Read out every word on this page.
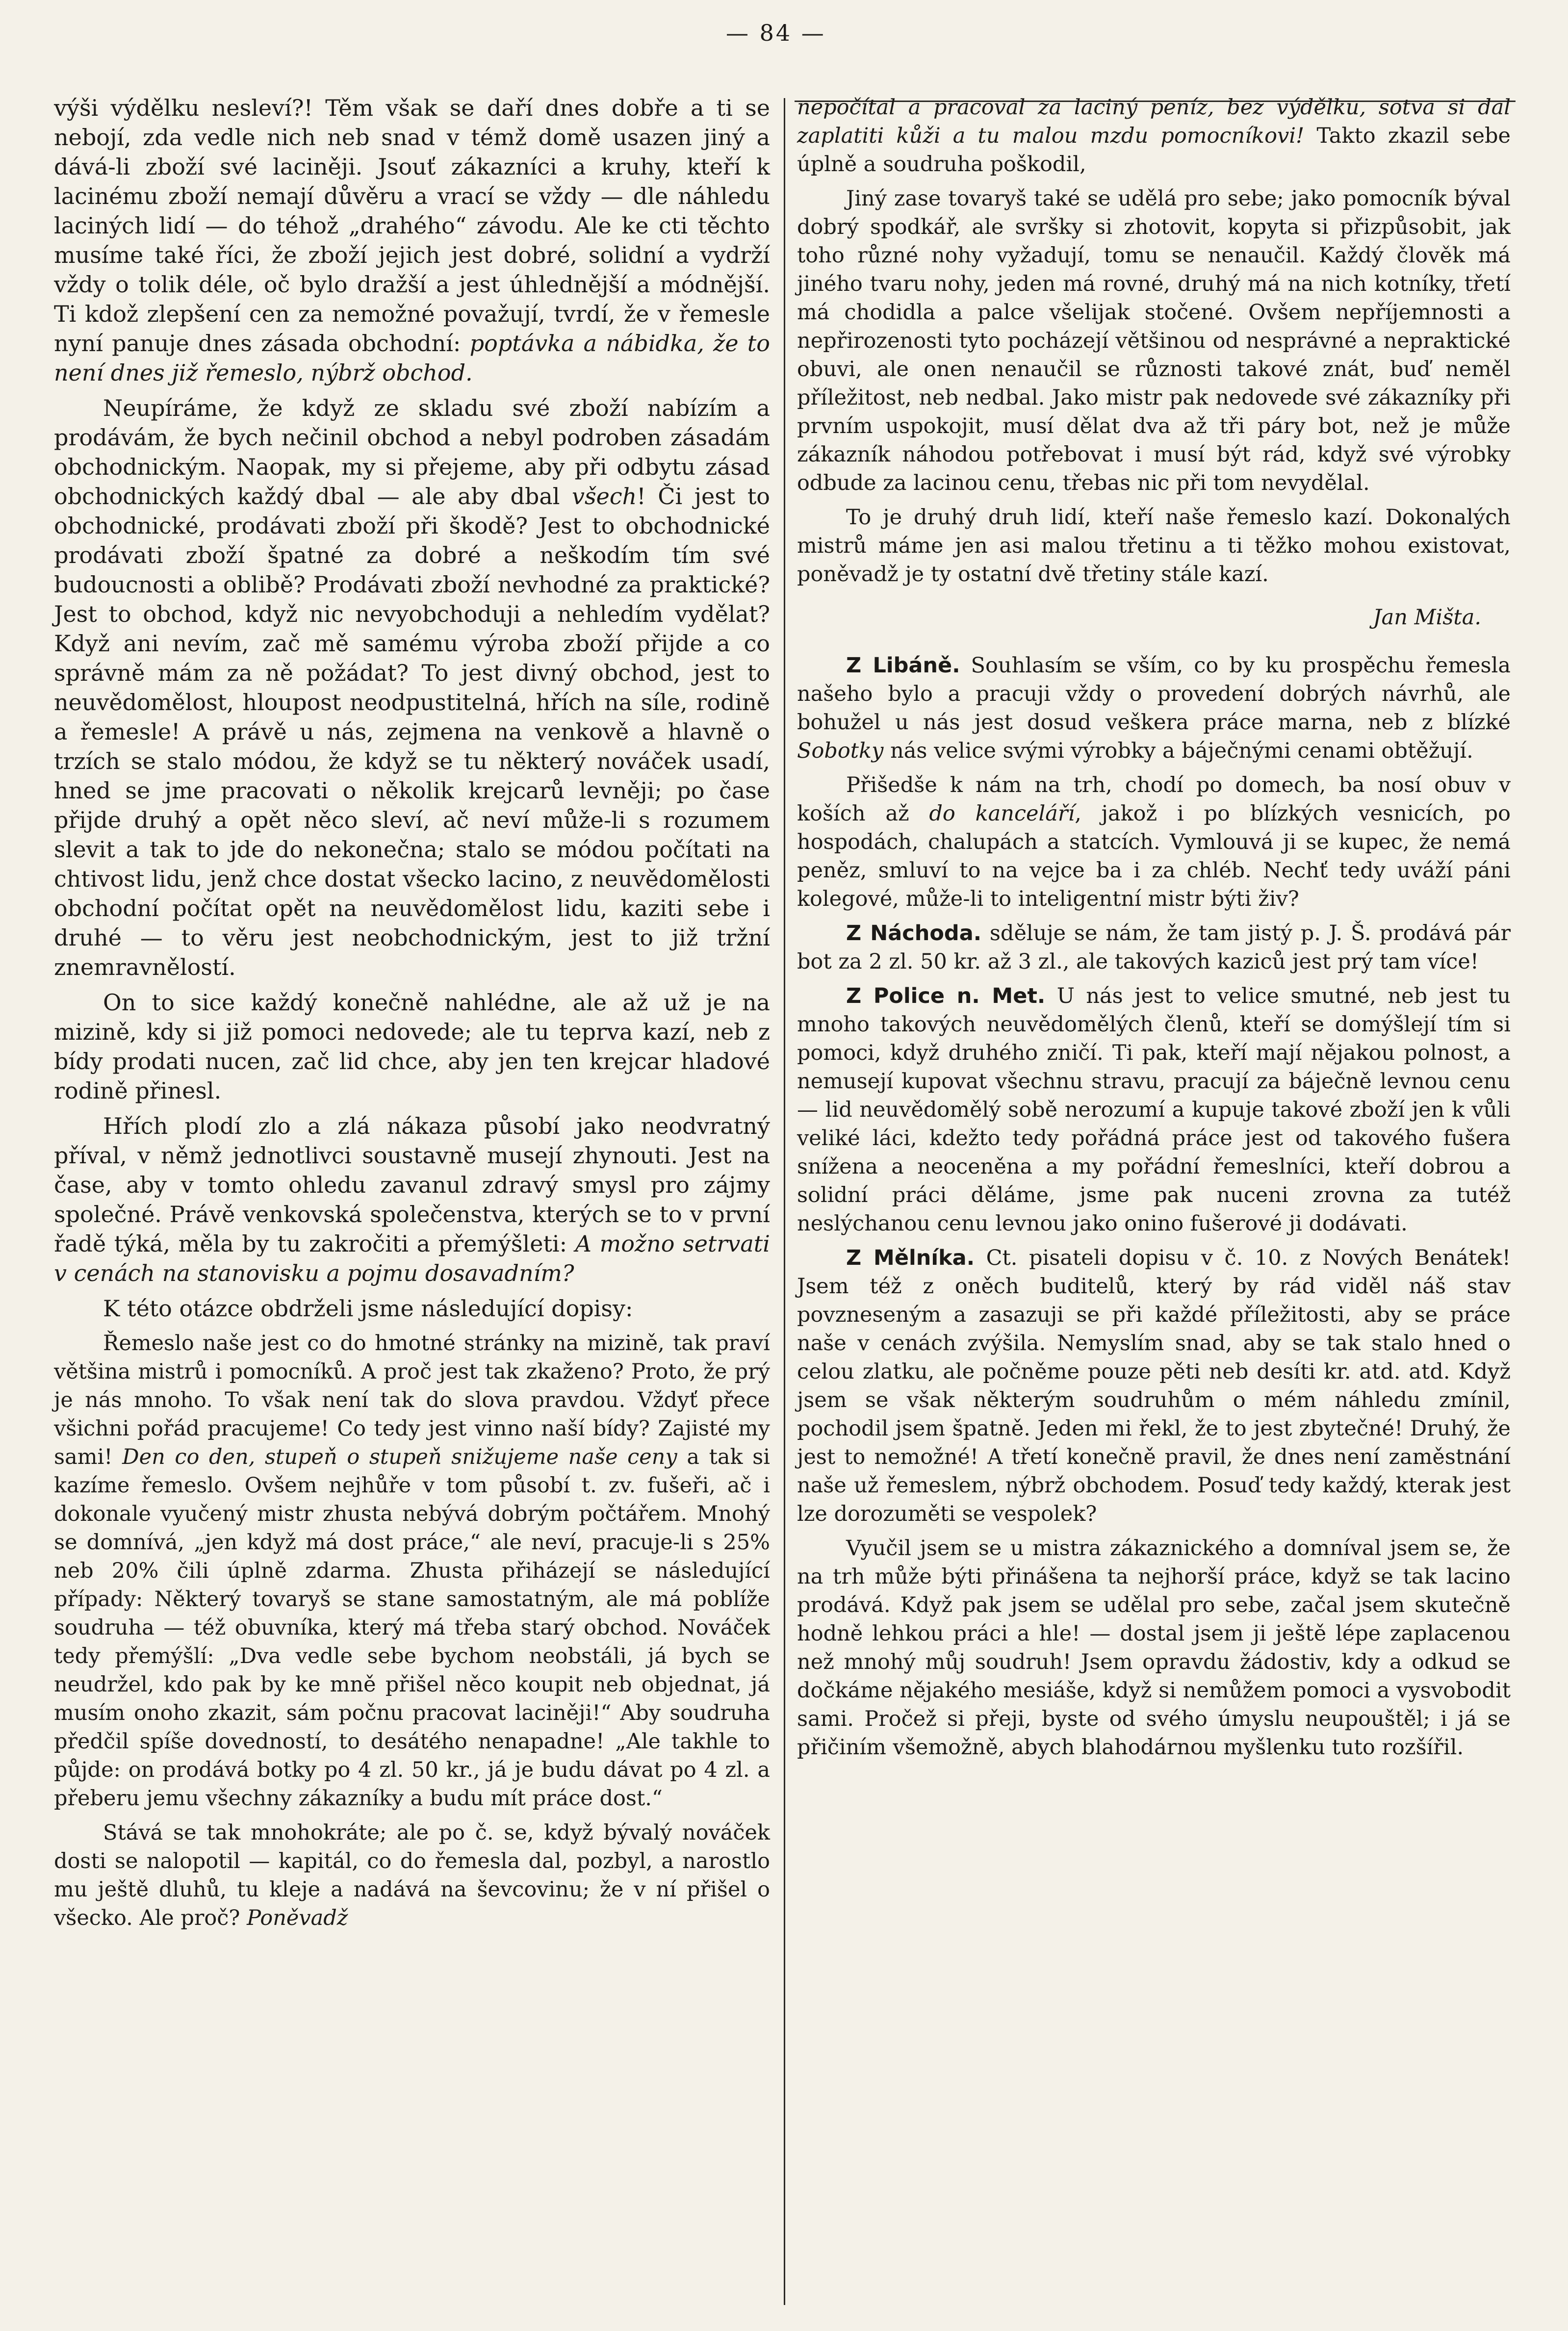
— 84 —

výši výdělku nesleví?! Těm však se daří dnes dobře a ti se nebojí, zda vedle nich neb snad v témž domě usazen jiný a dává-li zboží své laciněji. Jsouť zákazníci a kruhy, kteří k lacinému zboží nemají důvěru a vrací se vždy — dle náhledu laciných lidí — do téhož „drahého“ závodu. Ale ke cti těchto musíme také říci, že zboží jejich jest dobré, solidní a vydrží vždy o tolik déle, oč bylo dražší a jest úhlednější a módnější. Ti kdož zlepšení cen za nemožné považují, tvrdí, že v řemesle nyní panuje dnes zásada obchodní: poptávka a nábidka, že to není dnes již řemeslo, nýbrž obchod.

Neupíráme, že když ze skladu své zboží nabízím a prodávám, že bych nečinil obchod a nebyl podroben zásadám obchodnickým. Naopak, my si přejeme, aby při odbytu zásad obchodnických každý dbal — ale aby dbal všech! Či jest to obchodnické, prodávati zboží při škodě? Jest to obchodnické prodávati zboží špatné za dobré a neškodím tím své budoucnosti a oblibě? Prodávati zboží nevhodné za praktické? Jest to obchod, když nic nevyobchoduji a nehledím vydělat? Když ani nevím, zač mě samému výroba zboží přijde a co správně mám za ně požádat? To jest divný obchod, jest to neuvědomělost, hloupost neodpustitelná, hřích na síle, rodině a řemesle! A právě u nás, zejmena na venkově a hlavně o trzích se stalo módou, že když se tu některý nováček usadí, hned se jme pracovati o několik krejcarů levněji; po čase přijde druhý a opět něco sleví, ač neví může-li s rozumem slevit a tak to jde do nekonečna; stalo se módou počítati na chtivost lidu, jenž chce dostat všecko lacino, z neuvědomělosti obchodní počítat opět na neuvědomělost lidu, kaziti sebe i druhé — to věru jest neobchodnickým, jest to již tržní znemravnělostí.

On to sice každý konečně nahlédne, ale až už je na mizině, kdy si již pomoci nedovede; ale tu teprva kazí, neb z bídy prodati nucen, zač lid chce, aby jen ten krejcar hladové rodině přinesl.

Hřích plodí zlo a zlá nákaza působí jako neodvratný příval, v němž jednotlivci soustavně musejí zhynouti. Jest na čase, aby v tomto ohledu zavanul zdravý smysl pro zájmy společné. Právě venkovská společenstva, kterých se to v první řadě týká, měla by tu zakročiti a přemýšleti: A možno setrvati v cenách na stanovisku a pojmu dosavadním?

K této otázce obdrželi jsme následující dopisy:

Řemeslo naše jest co do hmotné stránky na mizině, tak praví většina mistrů i pomocníků. A proč jest tak zkaženo? Proto, že prý je nás mnoho. To však není tak do slova pravdou. Vždyť přece všichni pořád pracujeme! Co tedy jest vinno naší bídy? Zajisté my sami! Den co den, stupeň o stupeň snižujeme naše ceny a tak si kazíme řemeslo. Ovšem nejhůře v tom působí t. zv. fušeři, ač i dokonale vyučený mistr zhusta nebývá dobrým počtářem. Mnohý se domnívá, „jen když má dost práce,“ ale neví, pracuje-li s 25% neb 20% čili úplně zdarma. Zhusta přiházejí se následující případy: Některý tovaryš se stane samostatným, ale má poblíže soudruha — též obuvníka, který má třeba starý obchod. Nováček tedy přemýšlí: „Dva vedle sebe bychom neobstáli, já bych se neudržel, kdo pak by ke mně přišel něco koupit neb objednat, já musím onoho zkazit, sám počnu pracovat laciněji!“ Aby soudruha předčil spíše dovedností, to desátého nenapadne! „Ale takhle to půjde: on prodává botky po 4 zl. 50 kr., já je budu dávat po 4 zl. a přeberu jemu všechny zákazníky a budu mít práce dost.“

Stává se tak mnohokráte; ale po č. se, když bývalý nováček dosti se nalopotil — kapitál, co do řemesla dal, pozbyl, a narostlo mu ještě dluhů, tu kleje a nadává na ševcovinu; že v ní přišel o všecko. Ale proč? Poněvadž

nepočítal a pracoval za laciný peníz, bez výdělku, sotva si dal zaplatiti kůži a tu malou mzdu pomocníkovi! Takto zkazil sebe úplně a soudruha poškodil,

Jiný zase tovaryš také se udělá pro sebe; jako pomocník býval dobrý spodkář, ale svršky si zhotovit, kopyta si přizpůsobit, jak toho různé nohy vyžadují, tomu se nenaučil. Každý člověk má jiného tvaru nohy, jeden má rovné, druhý má na nich kotníky, třetí má chodidla a palce všelijak stočené. Ovšem nepříjemnosti a nepřirozenosti tyto pocházejí většinou od nesprávné a nepraktické obuvi, ale onen nenaučil se různosti takové znát, buď neměl příležitost, neb nedbal. Jako mistr pak nedovede své zákazníky při prvním uspokojit, musí dělat dva až tři páry bot, než je může zákazník náhodou potřebovat i musí být rád, když své výrobky odbude za lacinou cenu, třebas nic při tom nevydělal.

To je druhý druh lidí, kteří naše řemeslo kazí. Dokonalých mistrů máme jen asi malou třetinu a ti těžko mohou existovat, poněvadž je ty ostatní dvě třetiny stále kazí.

Jan Mišta.

Z Libáně. Souhlasím se vším, co by ku prospěchu řemesla našeho bylo a pracuji vždy o provedení dobrých návrhů, ale bohužel u nás jest dosud veškera práce marna, neb z blízké Sobotky nás velice svými výrobky a báječnými cenami obtěžují.

Přišedše k nám na trh, chodí po domech, ba nosí obuv v koších až do kanceláří, jakož i po blízkých vesnicích, po hospodách, chalupách a statcích. Vymlouvá ji se kupec, že nemá peněz, smluví to na vejce ba i za chléb. Nechť tedy uváží páni kolegové, může-li to inteligentní mistr býti živ?

Z Náchoda. sděluje se nám, že tam jistý p. J. Š. prodává pár bot za 2 zl. 50 kr. až 3 zl., ale takových kaziců jest prý tam více!

Z Police n. Met. U nás jest to velice smutné, neb jest tu mnoho takových neuvědomělých členů, kteří se domýšlejí tím si pomoci, když druhého zničí. Ti pak, kteří mají nějakou polnost, a nemusejí kupovat všechnu stravu, pracují za báječně levnou cenu — lid neuvědomělý sobě nerozumí a kupuje takové zboží jen k vůli veliké láci, kdežto tedy pořádná práce jest od takového fušera snížena a neoceněna a my pořádní řemeslníci, kteří dobrou a solidní práci děláme, jsme pak nuceni zrovna za tutéž neslýchanou cenu levnou jako onino fušerové ji dodávati.

Z Mělníka. Ct. pisateli dopisu v č. 10. z Nových Benátek! Jsem též z oněch buditelů, který by rád viděl náš stav povzneseným a zasazuji se při každé příležitosti, aby se práce naše v cenách zvýšila. Nemyslím snad, aby se tak stalo hned o celou zlatku, ale počněme pouze pěti neb desíti kr. atd. atd. Když jsem se však některým soudruhům o mém náhledu zmínil, pochodil jsem špatně. Jeden mi řekl, že to jest zbytečné! Druhý, že jest to nemožné! A třetí konečně pravil, že dnes není zaměstnání naše už řemeslem, nýbrž obchodem. Posuď tedy každý, kterak jest lze dorozuměti se vespolek?

Vyučil jsem se u mistra zákaznického a domníval jsem se, že na trh může býti přinášena ta nejhorší práce, když se tak lacino prodává. Když pak jsem se udělal pro sebe, začal jsem skutečně hodně lehkou práci a hle! — dostal jsem ji ještě lépe zaplacenou než mnohý můj soudruh! Jsem opravdu žádostiv, kdy a odkud se dočkáme nějakého mesiáše, když si nemůžem pomoci a vysvobodit sami. Pročež si přeji, byste od svého úmyslu neupouštěl; i já se přičiním všemožně, abych blahodárnou myšlenku tuto rozšířil.
